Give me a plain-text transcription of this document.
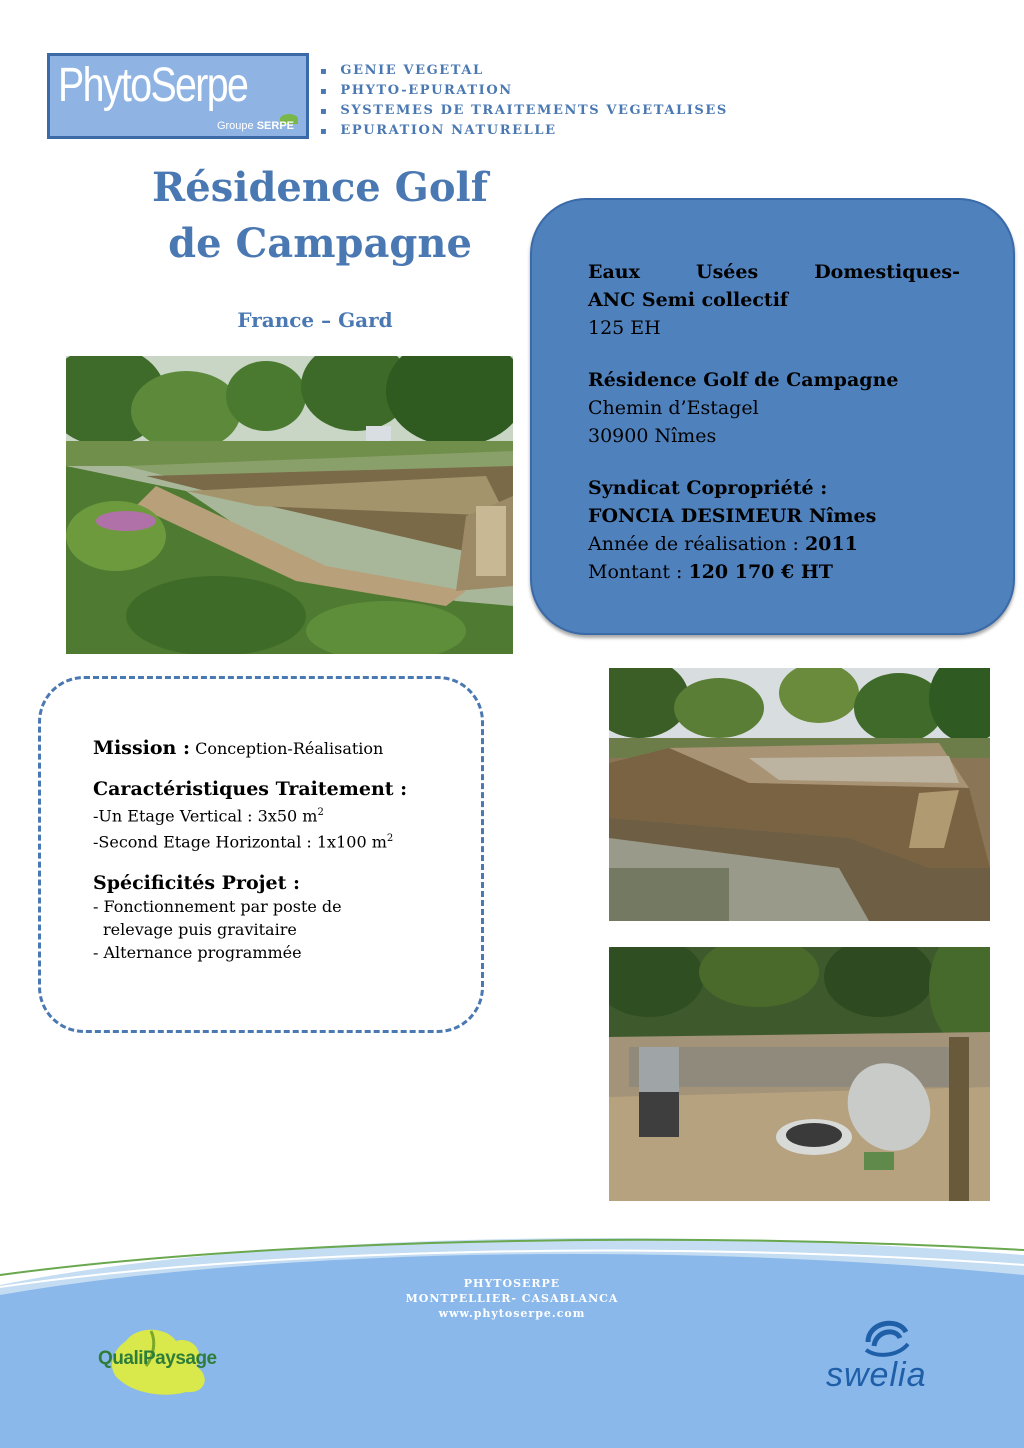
PhytoSerpe
Groupe SERPE
▪ GENIE VEGETAL
▪ PHYTO-EPURATION
▪ SYSTEMES DE TRAITEMENTS VEGETALISES
▪ EPURATION NATURELLE
Résidence Golf
de Campagne
France – Gard
Eaux Usées Domestiques-
ANC Semi collectif
125 EH
Résidence Golf de Campagne
Chemin d’Estagel
30900 Nîmes
Syndicat Copropriété :
FONCIA DESIMEUR Nîmes
Année de réalisation : 2011
Montant : 120 170 € HT
Mission : Conception-Réalisation
Caractéristiques Traitement :
-Un Etage Vertical : 3x50 $m^2$
-Second Etage Horizontal : 1x100 $m^2$
Spécificités Projet :
- Fonctionnement par poste de
relevage puis gravitaire
- Alternance programmée
PHYTOSERPE
MONTPELLIER- CASABLANCA
www.phytoserpe.com
QualiPaysage	swelia
